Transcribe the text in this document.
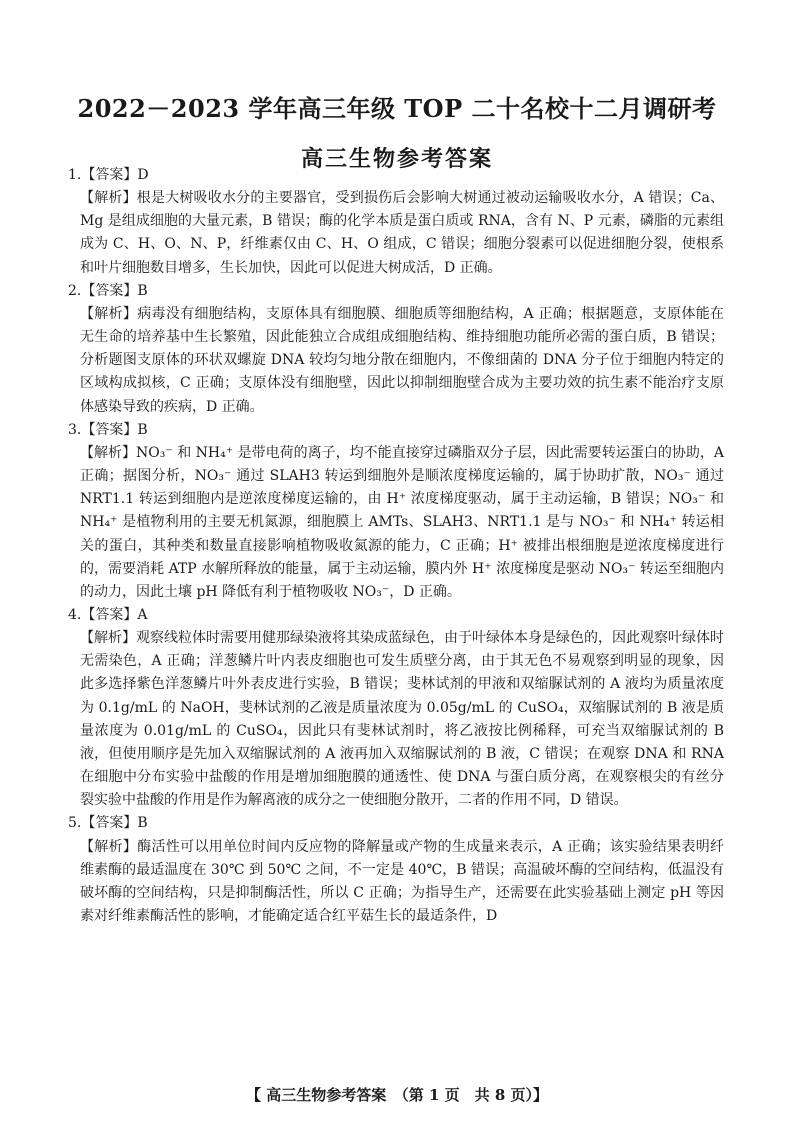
2022－2023 学年高三年级 TOP 二十名校十二月调研考
高三生物参考答案

1.【答案】D

【解析】根是大树吸收水分的主要器官，受到损伤后会影响大树通过被动运输吸收水分，A 错误；Ca、Mg 是组成细胞的大量元素，B 错误；酶的化学本质是蛋白质或 RNA，含有 N、P 元素，磷脂的元素组成为 C、H、O、N、P，纤维素仅由 C、H、O 组成，C 错误；细胞分裂素可以促进细胞分裂，使根系和叶片细胞数目增多，生长加快，因此可以促进大树成活，D 正确。

2.【答案】B

【解析】病毒没有细胞结构，支原体具有细胞膜、细胞质等细胞结构，A 正确；根据题意，支原体能在无生命的培养基中生长繁殖，因此能独立合成组成细胞结构、维持细胞功能所必需的蛋白质，B 错误；分析题图支原体的环状双螺旋 DNA 较均匀地分散在细胞内，不像细菌的 DNA 分子位于细胞内特定的区域构成拟核，C 正确；支原体没有细胞壁，因此以抑制细胞壁合成为主要功效的抗生素不能治疗支原体感染导致的疾病，D 正确。

3.【答案】B

【解析】NO₃⁻ 和 NH₄⁺ 是带电荷的离子，均不能直接穿过磷脂双分子层，因此需要转运蛋白的协助，A 正确；据图分析，NO₃⁻ 通过 SLAH3 转运到细胞外是顺浓度梯度运输的，属于协助扩散，NO₃⁻ 通过 NRT1.1 转运到细胞内是逆浓度梯度运输的，由 H⁺ 浓度梯度驱动，属于主动运输，B 错误；NO₃⁻ 和 NH₄⁺ 是植物利用的主要无机氮源，细胞膜上 AMTs、SLAH3、NRT1.1 是与 NO₃⁻ 和 NH₄⁺ 转运相关的蛋白，其种类和数量直接影响植物吸收氮源的能力，C 正确；H⁺ 被排出根细胞是逆浓度梯度进行的，需要消耗 ATP 水解所释放的能量，属于主动运输，膜内外 H⁺ 浓度梯度是驱动 NO₃⁻ 转运至细胞内的动力，因此土壤 pH 降低有利于植物吸收 NO₃⁻，D 正确。

4.【答案】A

【解析】观察线粒体时需要用健那绿染液将其染成蓝绿色，由于叶绿体本身是绿色的，因此观察叶绿体时无需染色，A 正确；洋葱鳞片叶内表皮细胞也可发生质壁分离，由于其无色不易观察到明显的现象，因此多选择紫色洋葱鳞片叶外表皮进行实验，B 错误；斐林试剂的甲液和双缩脲试剂的 A 液均为质量浓度为 0.1g/mL 的 NaOH，斐林试剂的乙液是质量浓度为 0.05g/mL 的 CuSO₄，双缩脲试剂的 B 液是质量浓度为 0.01g/mL 的 CuSO₄，因此只有斐林试剂时，将乙液按比例稀释，可充当双缩脲试剂的 B 液，但使用顺序是先加入双缩脲试剂的 A 液再加入双缩脲试剂的 B 液，C 错误；在观察 DNA 和 RNA 在细胞中分布实验中盐酸的作用是增加细胞膜的通透性、使 DNA 与蛋白质分离，在观察根尖的有丝分裂实验中盐酸的作用是作为解离液的成分之一使细胞分散开，二者的作用不同，D 错误。

5.【答案】B

【解析】酶活性可以用单位时间内反应物的降解量或产物的生成量来表示，A 正确；该实验结果表明纤维素酶的最适温度在 30℃ 到 50℃ 之间，不一定是 40℃，B 错误；高温破坏酶的空间结构，低温没有破坏酶的空间结构，只是抑制酶活性，所以 C 正确；为指导生产，还需要在此实验基础上测定 pH 等因素对纤维素酶活性的影响，才能确定适合红平菇生长的最适条件，D

【 高三生物参考答案　（第 1 页　共 8 页）】
